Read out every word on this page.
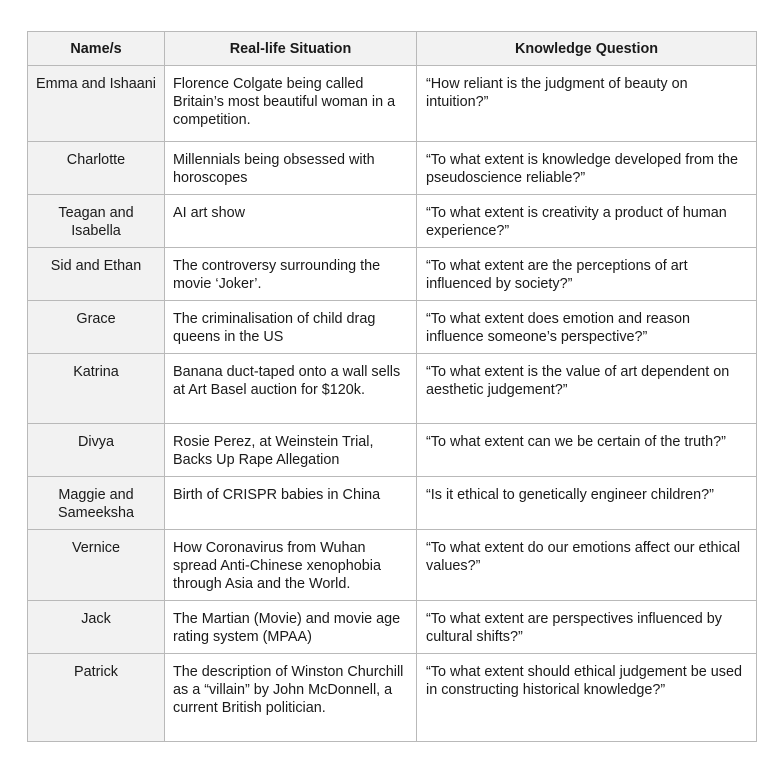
Name/s	Real-life Situation	Knowledge Question
Emma and Ishaani	Florence Colgate being called Britain’s most beautiful woman in a competition.	“How reliant is the judgment of beauty on intuition?”
Charlotte	Millennials being obsessed with horoscopes	“To what extent is knowledge developed from the pseudoscience reliable?”
Teagan and Isabella	AI art show	“To what extent is creativity a product of human experience?”
Sid and Ethan	The controversy surrounding the movie ‘Joker’.	“To what extent are the perceptions of art influenced by society?”
Grace	The criminalisation of child drag queens in the US	“To what extent does emotion and reason influence someone’s perspective?”
Katrina	Banana duct-taped onto a wall sells at Art Basel auction for $120k.	“To what extent is the value of art dependent on aesthetic judgement?”
Divya	Rosie Perez, at Weinstein Trial, Backs Up Rape Allegation	“To what extent can we be certain of the truth?”
Maggie and Sameeksha	Birth of CRISPR babies in China	“Is it ethical to genetically engineer children?”
Vernice	How Coronavirus from Wuhan spread Anti-Chinese xenophobia through Asia and the World.	“To what extent do our emotions affect our ethical values?”
Jack	The Martian (Movie) and movie age rating system (MPAA)	“To what extent are perspectives influenced by cultural shifts?”
Patrick	The description of Winston Churchill as a “villain” by John McDonnell, a current British politician.	“To what extent should ethical judgement be used in constructing historical knowledge?”
